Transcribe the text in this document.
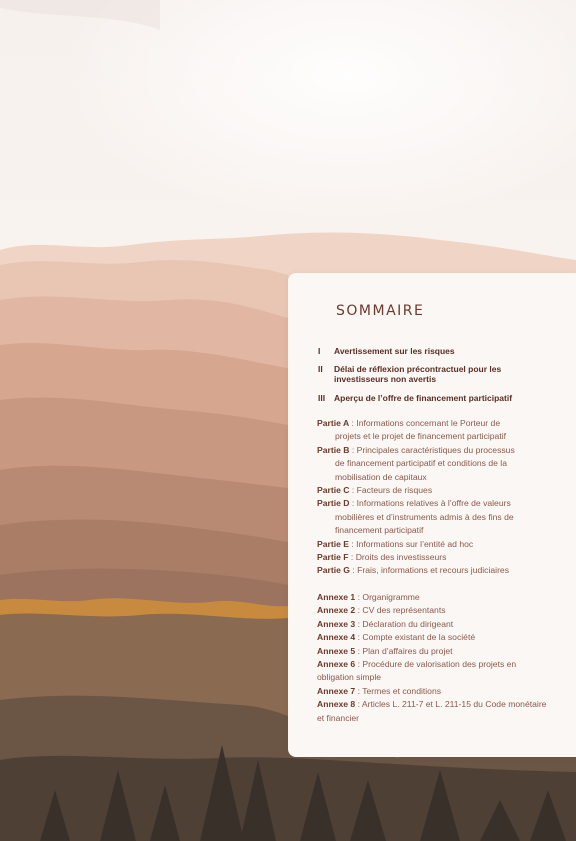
SOMMAIRE
I	Avertissement sur les risques
II	Délai de réflexion précontractuel pour les investisseurs non avertis
III	Aperçu de l’offre de financement participatif
Partie A : Informations concernant le Porteur de
projets et le projet de financement participatif
Partie B : Principales caractéristiques du processus
de financement participatif et conditions de la
mobilisation de capitaux
Partie C : Facteurs de risques
Partie D : Informations relatives à l’offre de valeurs
mobilières et d’instruments admis à des fins de
financement participatif
Partie E : Informations sur l’entité ad hoc
Partie F : Droits des investisseurs
Partie G : Frais, informations et recours judiciaires
Annexe 1 : Organigramme
Annexe 2 : CV des représentants
Annexe 3 : Déclaration du dirigeant
Annexe 4 : Compte existant de la société
Annexe 5 : Plan d’affaires du projet
Annexe 6 : Procédure de valorisation des projets en obligation simple
Annexe 7 : Termes et conditions
Annexe 8 : Articles L. 211-7 et L. 211-15 du Code monétaire et financier
